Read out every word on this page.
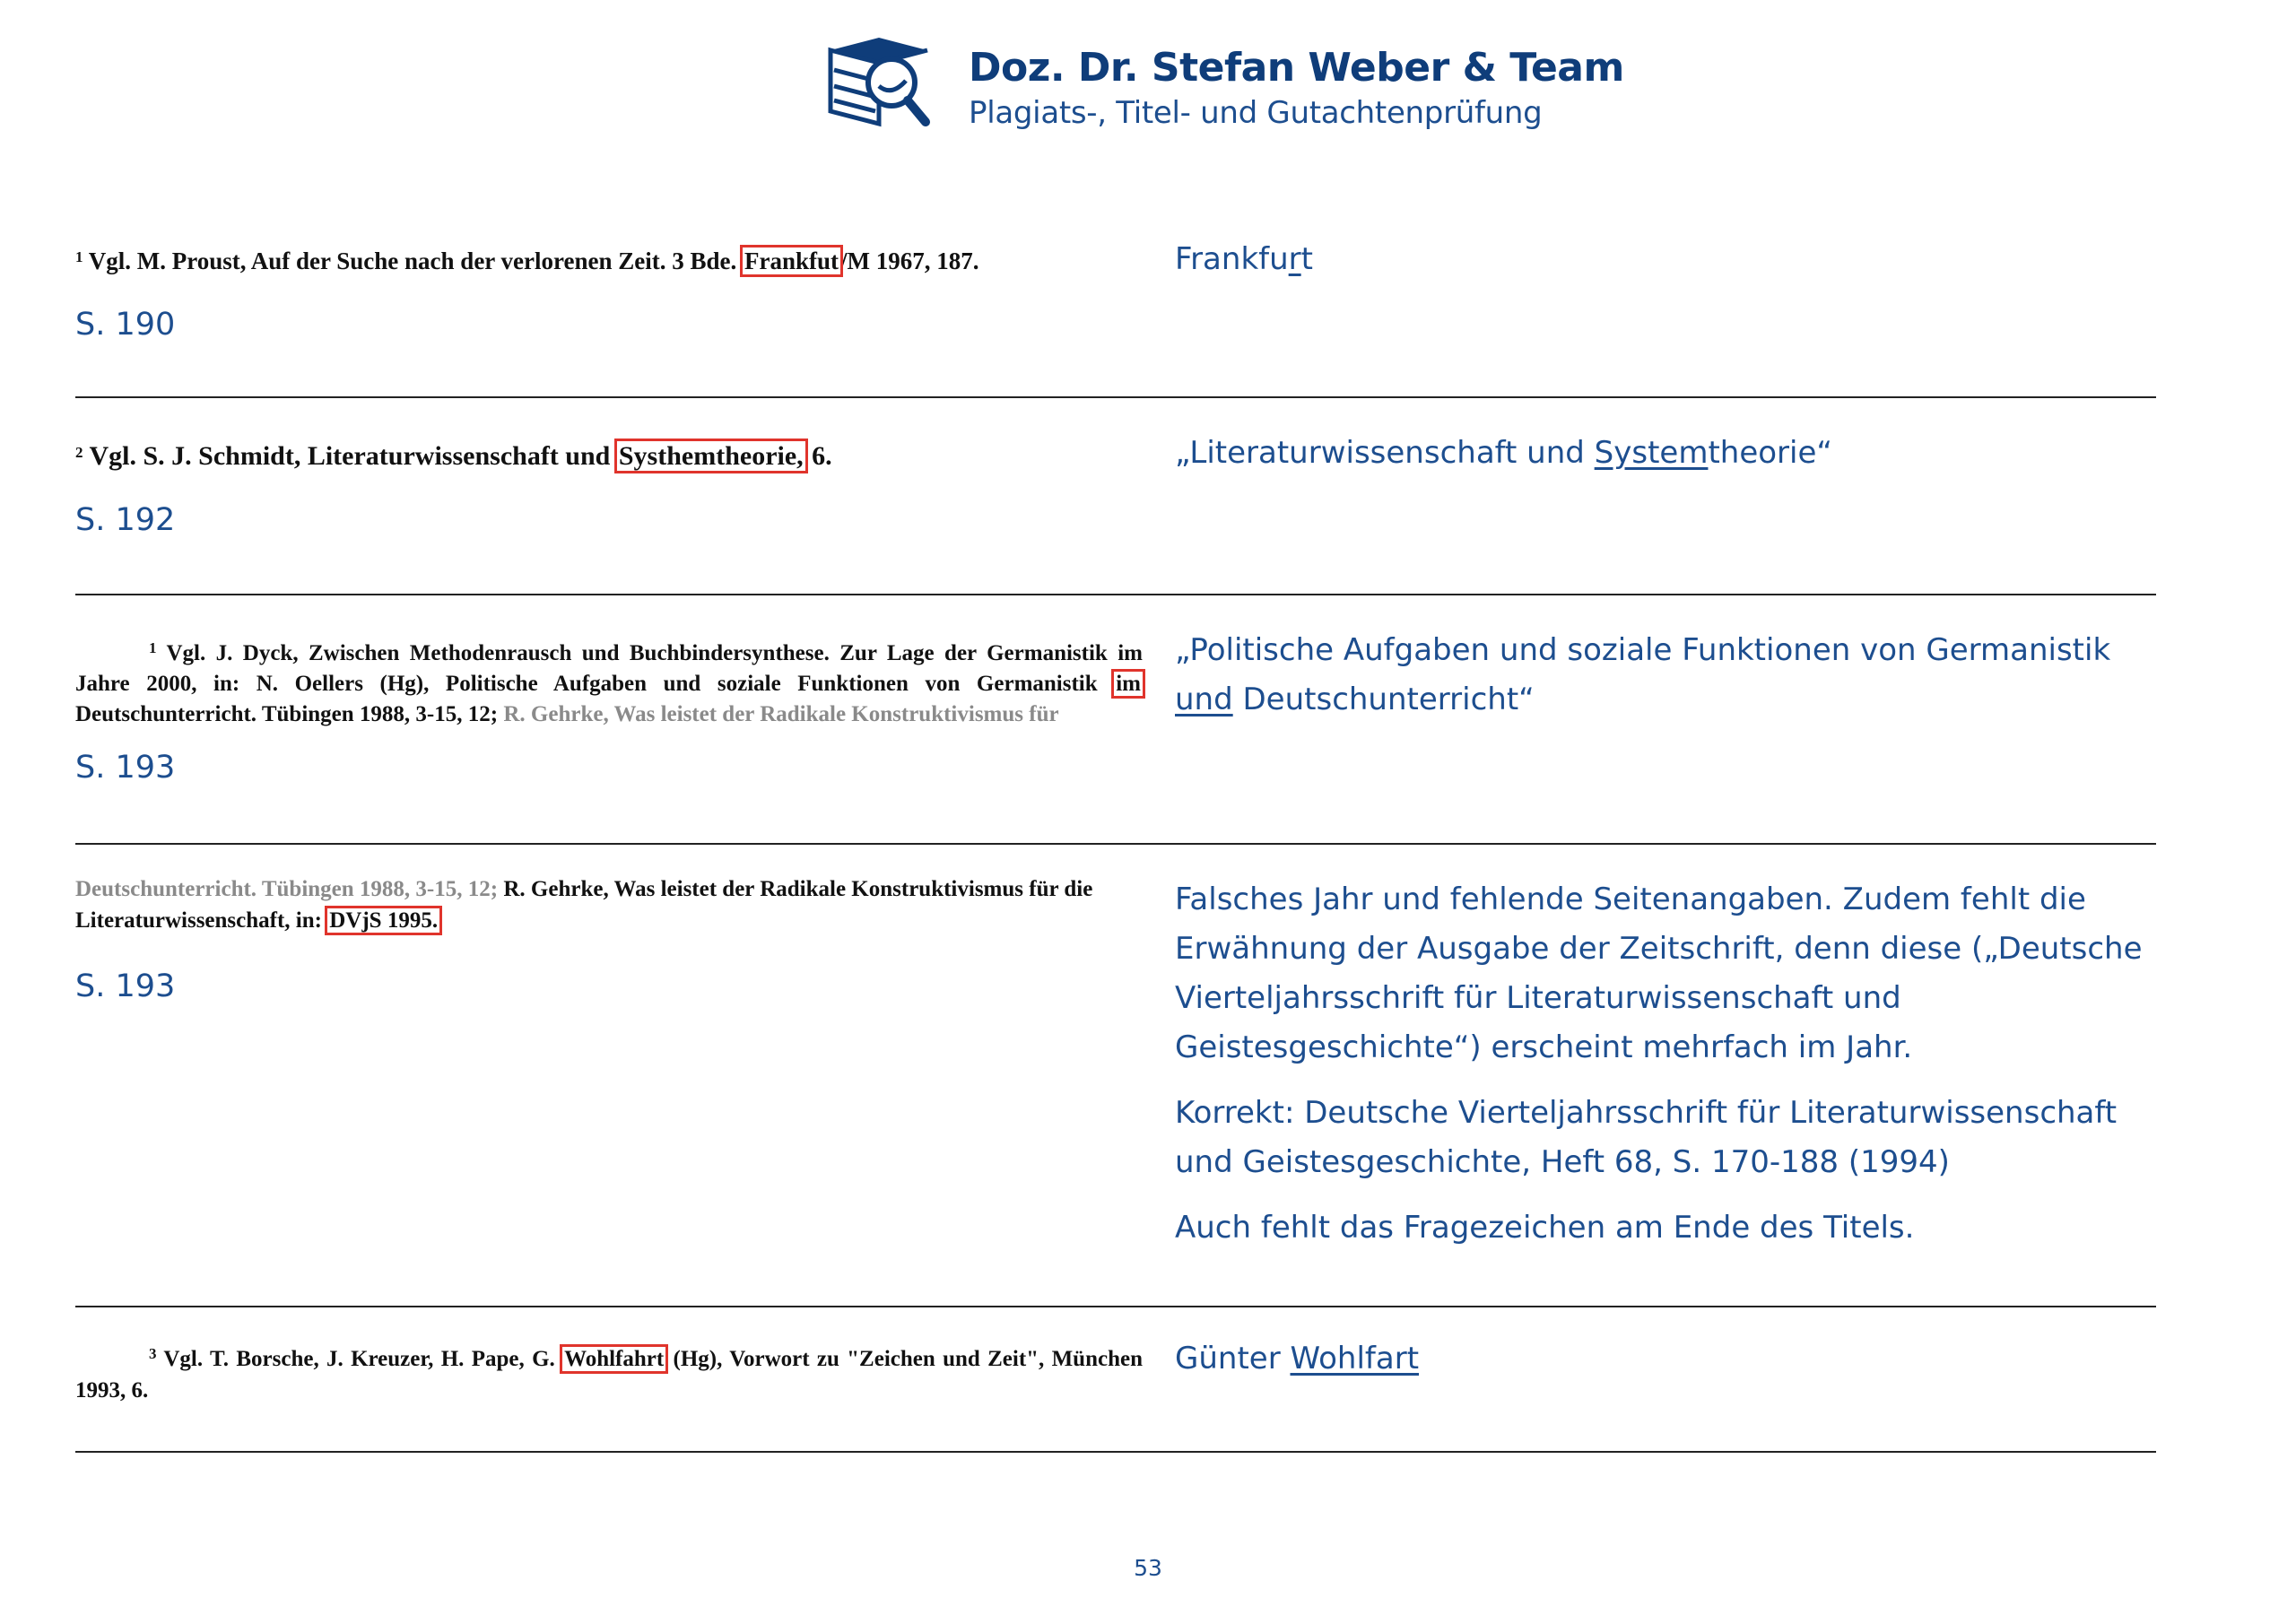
Doz. Dr. Stefan Weber & Team
Plagiats-, Titel- und Gutachtenprüfung
$^1$ Vgl. M. Proust, Auf der Suche nach der verlorenen Zeit. 3 Bde. Frankfut/M 1967, 187.
S. 190

Frankfurt

$^2$ Vgl. S. J. Schmidt, Literaturwissenschaft und Systhemtheorie, 6.
S. 192

„Literaturwissenschaft und Systemtheorie“

$^1$ Vgl. J. Dyck, Zwischen Methodenrausch und Buchbindersynthese. Zur Lage der Germanistik im Jahre 2000, in: N. Oellers (Hg), Politische Aufgaben und soziale Funktionen von Germanistik im Deutschunterricht. Tübingen 1988, 3-15, 12; R. Gehrke, Was leistet der Radikale Konstruktivismus für
S. 193

„Politische Aufgaben und soziale Funktionen von Germanistik und Deutschunterricht“

Deutschunterricht. Tübingen 1988, 3-15, 12; R. Gehrke, Was leistet der Radikale Konstruktivismus für die Literaturwissenschaft, in: DVjS 1995.
S. 193

Falsches Jahr und fehlende Seitenangaben. Zudem fehlt die Erwähnung der Ausgabe der Zeitschrift, denn diese („Deutsche Vierteljahrsschrift für Literaturwissenschaft und Geistesgeschichte“) erscheint mehrfach im Jahr.

Korrekt: Deutsche Vierteljahrsschrift für Literaturwissenschaft und Geistesgeschichte, Heft 68, S. 170-188 (1994)

Auch fehlt das Fragezeichen am Ende des Titels.

$^3$ Vgl. T. Borsche, J. Kreuzer, H. Pape, G. Wohlfahrt (Hg), Vorwort zu "Zeichen und Zeit", München 1993, 6.

Günter Wohlfart

53
